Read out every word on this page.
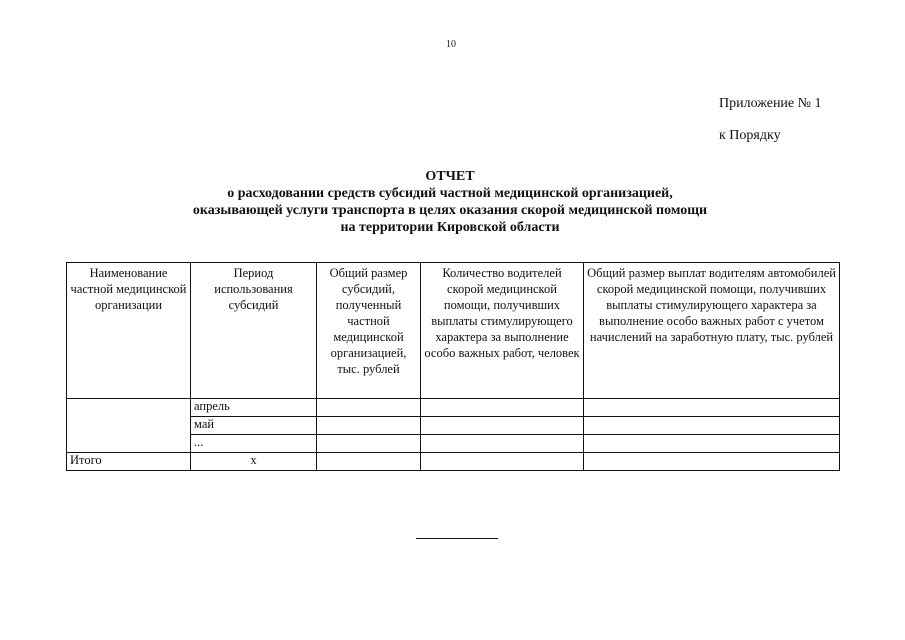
10
Приложение № 1
к Порядку
ОТЧЕТ
о расходовании средств субсидий частной медицинской организацией,
оказывающей услуги транспорта в целях оказания скорой медицинской помощи
на территории Кировской области
Наименование частной медицинской организации	Период использования субсидий	Общий размер субсидий, полученный частной медицинской организацией, тыс. рублей	Количество водителей скорой медицинской помощи, получивших выплаты стимулирующего характера за выполнение особо важных работ, человек	Общий размер выплат водителям автомобилей скорой медицинской помощи, получивших выплаты стимулирующего характера за выполнение особо важных работ с учетом начислений на заработную плату, тыс. рублей
	апрель			
	май			
	...			
Итого	х			
